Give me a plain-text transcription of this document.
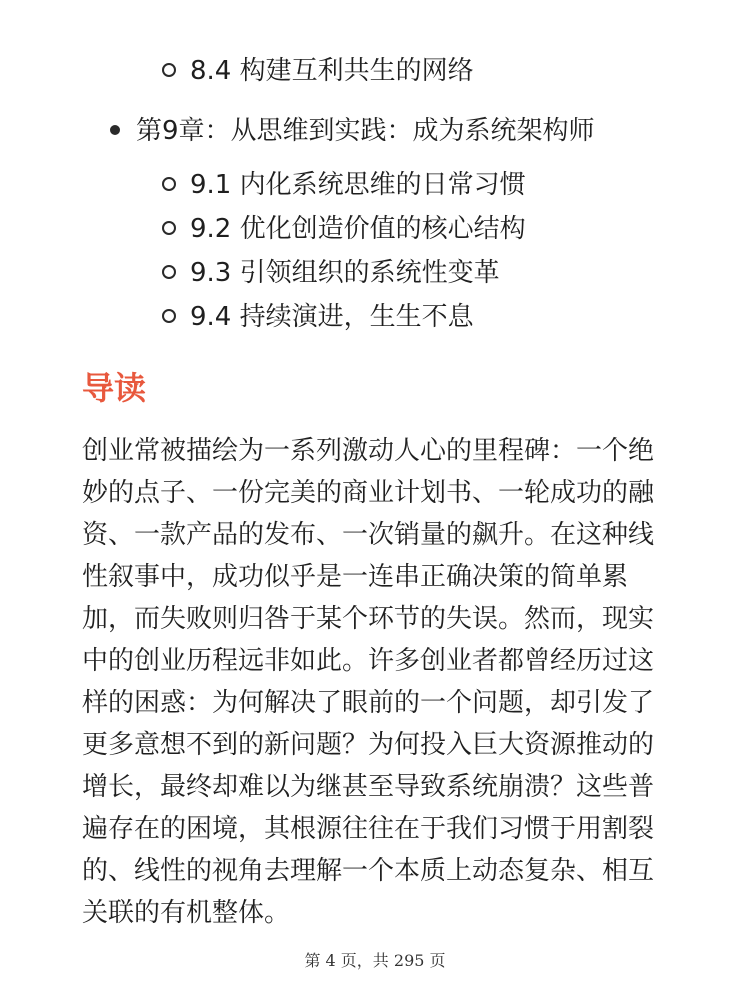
8.4 构建互利共生的网络
第9章：从思维到实践：成为系统架构师
9.1 内化系统思维的日常习惯
9.2 优化创造价值的核心结构
9.3 引领组织的系统性变革
9.4 持续演进，生生不息
导读

创业常被描绘为一系列激动人心的里程碑：一个绝
妙的点子、一份完美的商业计划书、一轮成功的融
资、一款产品的发布、一次销量的飙升。在这种线
性叙事中，成功似乎是一连串正确决策的简单累
加，而失败则归咎于某个环节的失误。然而，现实
中的创业历程远非如此。许多创业者都曾经历过这
样的困惑：为何解决了眼前的一个问题，却引发了
更多意想不到的新问题？为何投入巨大资源推动的
增长，最终却难以为继甚至导致系统崩溃？这些普
遍存在的困境，其根源往往在于我们习惯于用割裂
的、线性的视角去理解一个本质上动态复杂、相互
关联的有机整体。

第 4 页，共 295 页
